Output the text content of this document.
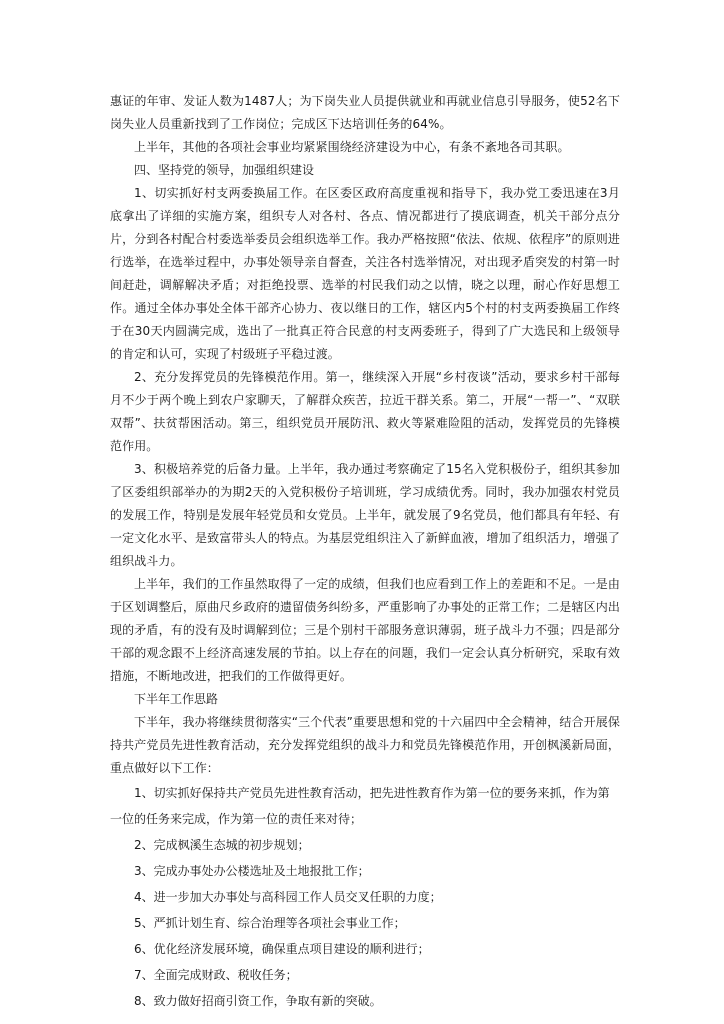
惠证的年审、发证人数为1487人；为下岗失业人员提供就业和再就业信息引导服务，使52名下岗失业人员重新找到了工作岗位；完成区下达培训任务的64%。

上半年，其他的各项社会事业均紧紧围绕经济建设为中心，有条不紊地各司其职。

四、坚持党的领导，加强组织建设

1、切实抓好村支两委换届工作。在区委区政府高度重视和指导下，我办党工委迅速在3月底拿出了详细的实施方案，组织专人对各村、各点、情况都进行了摸底调查，机关干部分点分片，分到各村配合村委选举委员会组织选举工作。我办严格按照“依法、依规、依程序”的原则进行选举，在选举过程中，办事处领导亲自督查，关注各村选举情况，对出现矛盾突发的村第一时间赶赴，调解解决矛盾；对拒绝投票、选举的村民我们动之以情，晓之以理，耐心作好思想工作。通过全体办事处全体干部齐心协力、夜以继日的工作，辖区内5个村的村支两委换届工作终于在30天内圆满完成，选出了一批真正符合民意的村支两委班子，得到了广大选民和上级领导的肯定和认可，实现了村级班子平稳过渡。

2、充分发挥党员的先锋模范作用。第一，继续深入开展“乡村夜谈”活动，要求乡村干部每月不少于两个晚上到农户家聊天，了解群众疾苦，拉近干群关系。第二，开展“一帮一”、“双联双帮”、扶贫帮困活动。第三，组织党员开展防汛、救火等紧难险阻的活动，发挥党员的先锋模范作用。

3、积极培养党的后备力量。上半年，我办通过考察确定了15名入党积极份子，组织其参加了区委组织部举办的为期2天的入党积极份子培训班，学习成绩优秀。同时，我办加强农村党员的发展工作，特别是发展年轻党员和女党员。上半年，就发展了9名党员，他们都具有年轻、有一定文化水平、是致富带头人的特点。为基层党组织注入了新鲜血液，增加了组织活力，增强了组织战斗力。

上半年，我们的工作虽然取得了一定的成绩，但我们也应看到工作上的差距和不足。一是由于区划调整后，原曲尺乡政府的遗留债务纠纷多，严重影响了办事处的正常工作；二是辖区内出现的矛盾，有的没有及时调解到位；三是个别村干部服务意识薄弱，班子战斗力不强；四是部分干部的观念跟不上经济高速发展的节拍。以上存在的问题，我们一定会认真分析研究，采取有效措施，不断地改进，把我们的工作做得更好。

下半年工作思路

下半年，我办将继续贯彻落实“三个代表”重要思想和党的十六届四中全会精神，结合开展保持共产党员先进性教育活动，充分发挥党组织的战斗力和党员先锋模范作用，开创枫溪新局面，重点做好以下工作：

1、切实抓好保持共产党员先进性教育活动，把先进性教育作为第一位的要务来抓，作为第一位的任务来完成，作为第一位的责任来对待；

2、完成枫溪生态城的初步规划；

3、完成办事处办公楼选址及土地报批工作；

4、进一步加大办事处与高科园工作人员交叉任职的力度；

5、严抓计划生育、综合治理等各项社会事业工作；

6、优化经济发展环境，确保重点项目建设的顺利进行；

7、全面完成财政、税收任务；

8、致力做好招商引资工作，争取有新的突破。
